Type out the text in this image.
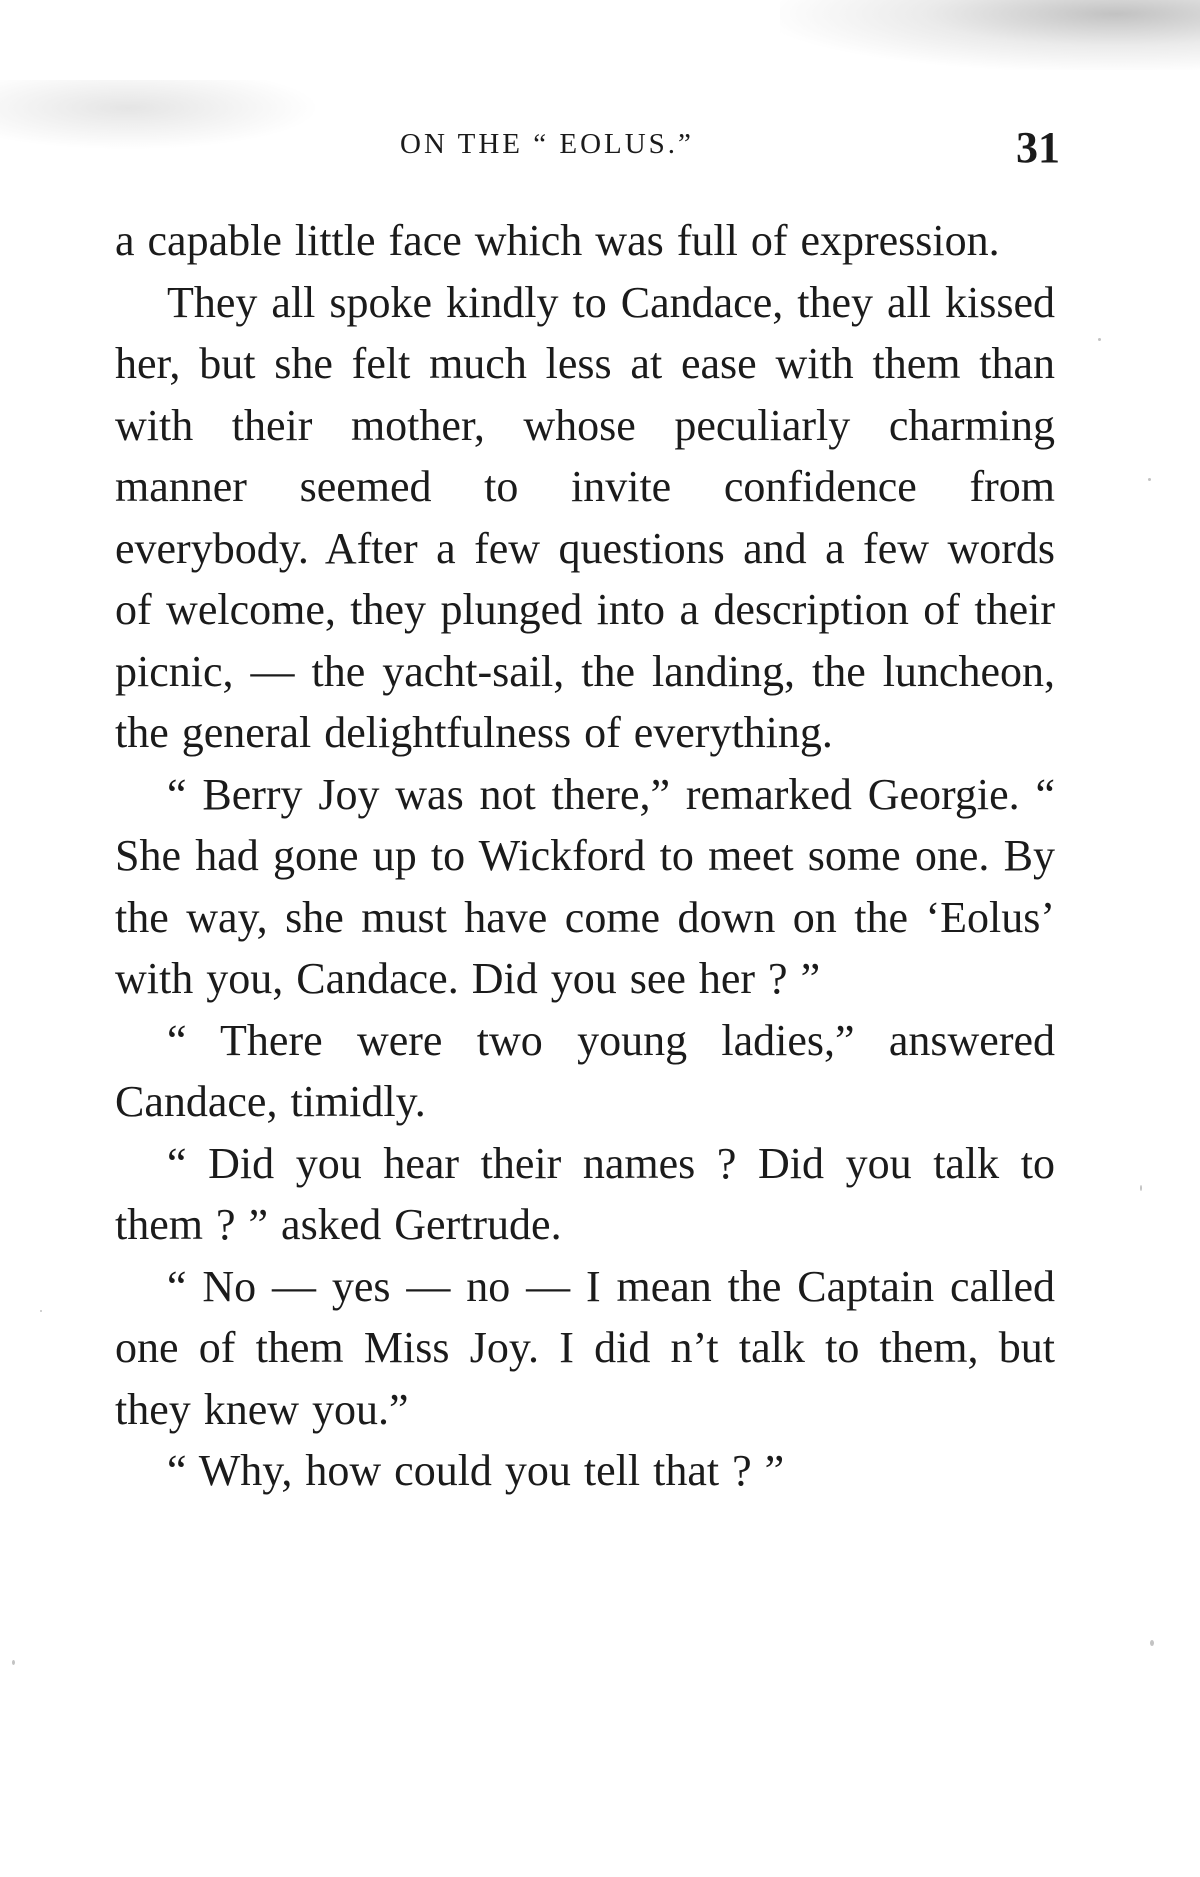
ON THE “ EOLUS.”	31

a capable little face which was full of expression.

They all spoke kindly to Candace, they all kissed her, but she felt much less at ease with them than with their mother, whose peculiarly charming manner seemed to invite confidence from everybody. After a few questions and a few words of welcome, they plunged into a description of their picnic, — the yacht-sail, the landing, the luncheon, the general delightfulness of everything.

“ Berry Joy was not there,” remarked Georgie. “ She had gone up to Wickford to meet some one. By the way, she must have come down on the ‘Eolus’ with you, Candace. Did you see her ? ”

“ There were two young ladies,” answered Candace, timidly.

“ Did you hear their names ? Did you talk to them ? ” asked Gertrude.

“ No — yes — no — I mean the Captain called one of them Miss Joy. I did n’t talk to them, but they knew you.”

“ Why, how could you tell that ? ”
